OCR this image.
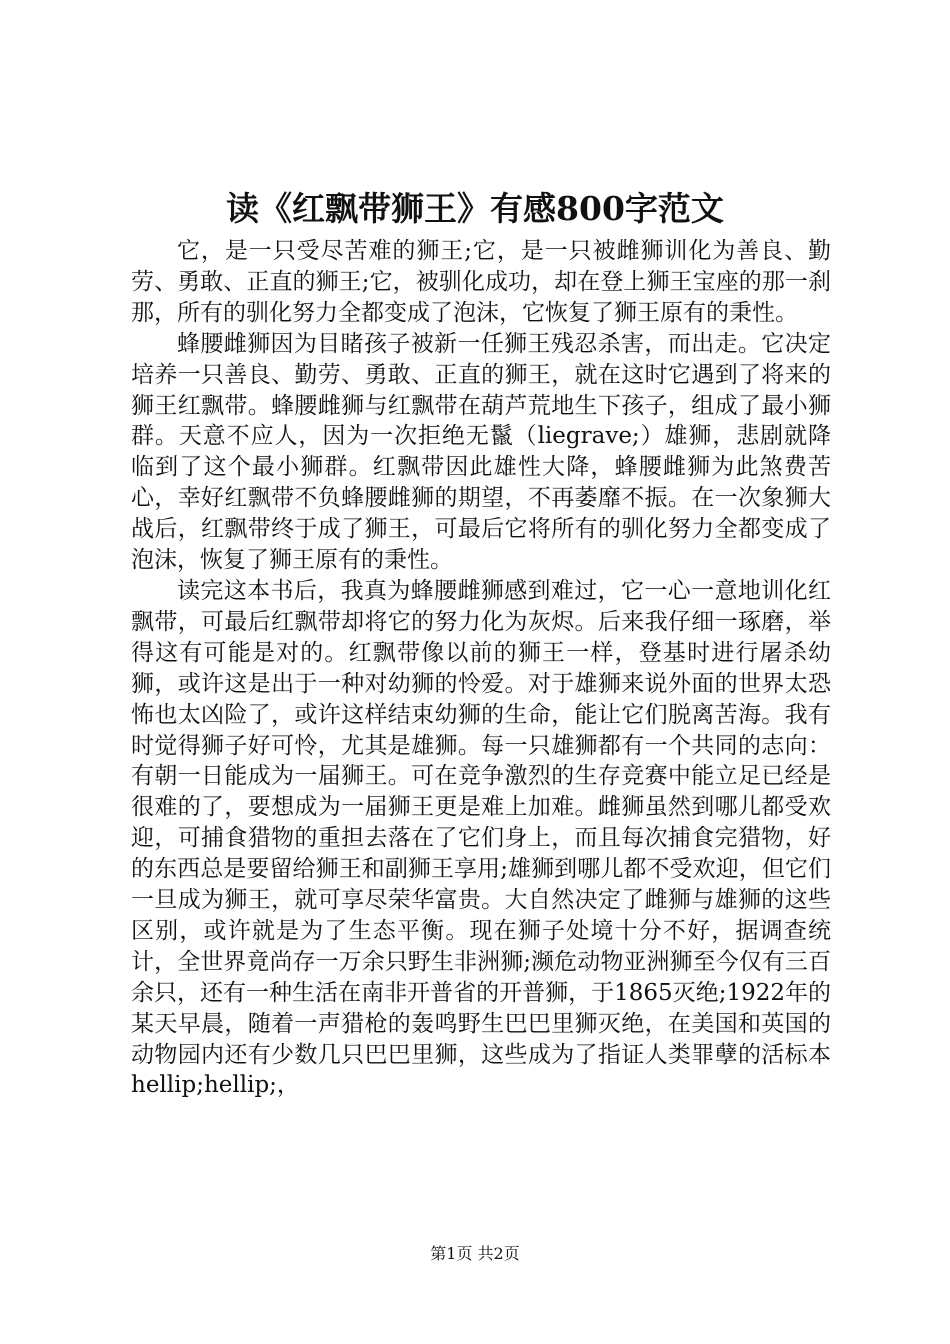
读《红飘带狮王》有感800字范文

它，是一只受尽苦难的狮王;它，是一只被雌狮训化为善良、勤劳、勇敢、正直的狮王;它，被驯化成功，却在登上狮王宝座的那一刹那，所有的驯化努力全都变成了泡沫，它恢复了狮王原有的秉性。

蜂腰雌狮因为目睹孩子被新一任狮王残忍杀害，而出走。它决定培养一只善良、勤劳、勇敢、正直的狮王，就在这时它遇到了将来的狮王红飘带。蜂腰雌狮与红飘带在葫芦荒地生下孩子，组成了最小狮群。天意不应人，因为一次拒绝无鬣（liegrave;）雄狮，悲剧就降临到了这个最小狮群。红飘带因此雄性大降，蜂腰雌狮为此煞费苦心，幸好红飘带不负蜂腰雌狮的期望，不再萎靡不振。在一次象狮大战后，红飘带终于成了狮王，可最后它将所有的驯化努力全都变成了泡沫，恢复了狮王原有的秉性。

读完这本书后，我真为蜂腰雌狮感到难过，它一心一意地训化红飘带，可最后红飘带却将它的努力化为灰烬。后来我仔细一琢磨，举得这有可能是对的。红飘带像以前的狮王一样，登基时进行屠杀幼狮，或许这是出于一种对幼狮的怜爱。对于雄狮来说外面的世界太恐怖也太凶险了，或许这样结束幼狮的生命，能让它们脱离苦海。我有时觉得狮子好可怜，尤其是雄狮。每一只雄狮都有一个共同的志向：有朝一日能成为一届狮王。可在竞争激烈的生存竞赛中能立足已经是很难的了，要想成为一届狮王更是难上加难。雌狮虽然到哪儿都受欢迎，可捕食猎物的重担去落在了它们身上，而且每次捕食完猎物，好的东西总是要留给狮王和副狮王享用;雄狮到哪儿都不受欢迎，但它们一旦成为狮王，就可享尽荣华富贵。大自然决定了雌狮与雄狮的这些区别，或许就是为了生态平衡。现在狮子处境十分不好，据调查统计，全世界竟尚存一万余只野生非洲狮;濒危动物亚洲狮至今仅有三百余只，还有一种生活在南非开普省的开普狮，于1865灭绝;1922年的某天早晨，随着一声猎枪的轰鸣野生巴巴里狮灭绝，在美国和英国的动物园内还有少数几只巴巴里狮，这些成为了指证人类罪孽的活标本hellip;hellip;，

第1页 共2页
